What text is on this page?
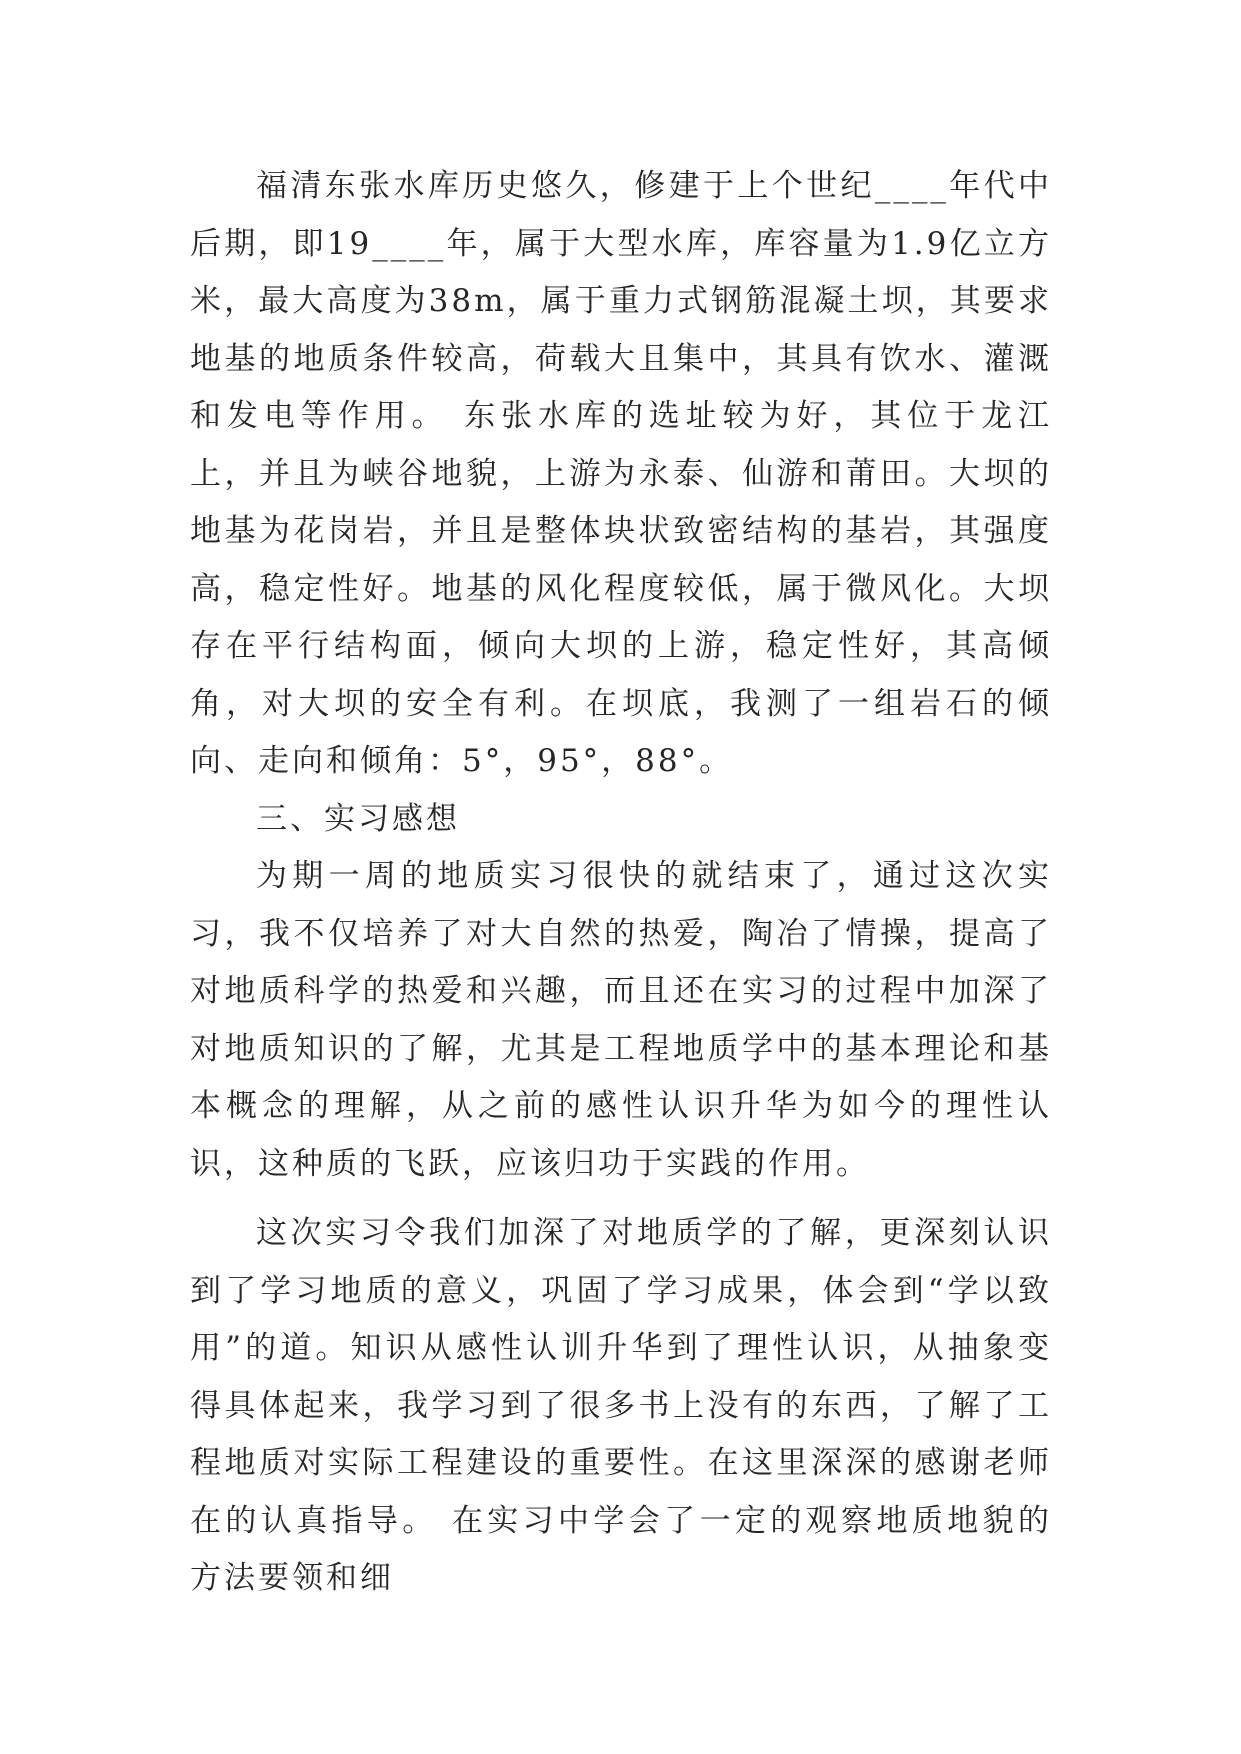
福清东张水库历史悠久，修建于上个世纪____年代中后期，即19____年，属于大型水库，库容量为1.9亿立方米，最大高度为38m，属于重力式钢筋混凝土坝，其要求地基的地质条件较高，荷载大且集中，其具有饮水、灌溉和发电等作用。 东张水库的选址较为好，其位于龙江上，并且为峡谷地貌，上游为永泰、仙游和莆田。大坝的地基为花岗岩，并且是整体块状致密结构的基岩，其强度高，稳定性好。地基的风化程度较低，属于微风化。大坝存在平行结构面，倾向大坝的上游，稳定性好，其高倾角，对大坝的安全有利。在坝底，我测了一组岩石的倾向、走向和倾角：5°，95°，88°。

三、实习感想

为期一周的地质实习很快的就结束了，通过这次实习，我不仅培养了对大自然的热爱，陶冶了情操，提高了对地质科学的热爱和兴趣，而且还在实习的过程中加深了对地质知识的了解，尤其是工程地质学中的基本理论和基本概念的理解，从之前的感性认识升华为如今的理性认识，这种质的飞跃，应该归功于实践的作用。

这次实习令我们加深了对地质学的了解，更深刻认识到了学习地质的意义，巩固了学习成果，体会到“学以致用”的道。知识从感性认训升华到了理性认识，从抽象变得具体起来，我学习到了很多书上没有的东西，了解了工程地质对实际工程建设的重要性。在这里深深的感谢老师在的认真指导。 在实习中学会了一定的观察地质地貌的方法要领和细
